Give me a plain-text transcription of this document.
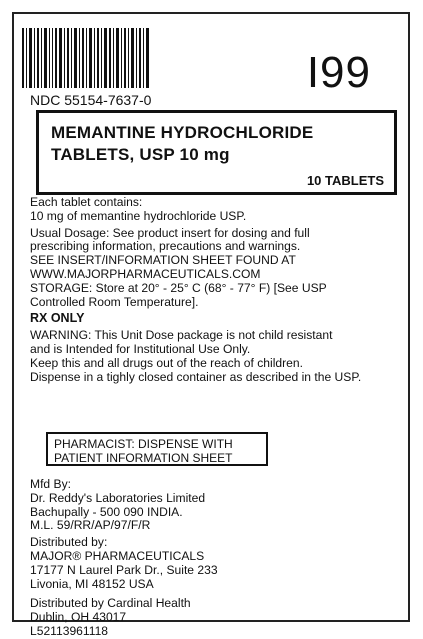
I99
NDC 55154-7637-0
MEMANTINE HYDROCHLORIDE
TABLETS, USP 10 mg
10 TABLETS

Each tablet contains:

10 mg of memantine hydrochloride USP.

Usual Dosage: See product insert for dosing and full

prescribing information, precautions and warnings.

SEE INSERT/INFORMATION SHEET FOUND AT

WWW.MAJORPHARMACEUTICALS.COM

STORAGE: Store at 20° - 25° C (68° - 77° F) [See USP

Controlled Room Temperature].

RX ONLY

WARNING: This Unit Dose package is not child resistant

and is Intended for Institutional Use Only.

Keep this and all drugs out of the reach of children.

Dispense in a tighly closed container as described in the USP.

PHARMACIST: DISPENSE WITH
PATIENT INFORMATION SHEET

Mfd By:

Dr. Reddy's Laboratories Limited

Bachupally - 500 090 INDIA.

M.L. 59/RR/AP/97/F/R

Distributed by:

MAJOR® PHARMACEUTICALS

17177 N Laurel Park Dr., Suite 233

Livonia, MI 48152 USA

Distributed by Cardinal Health

Dublin, OH 43017

L52113961118
